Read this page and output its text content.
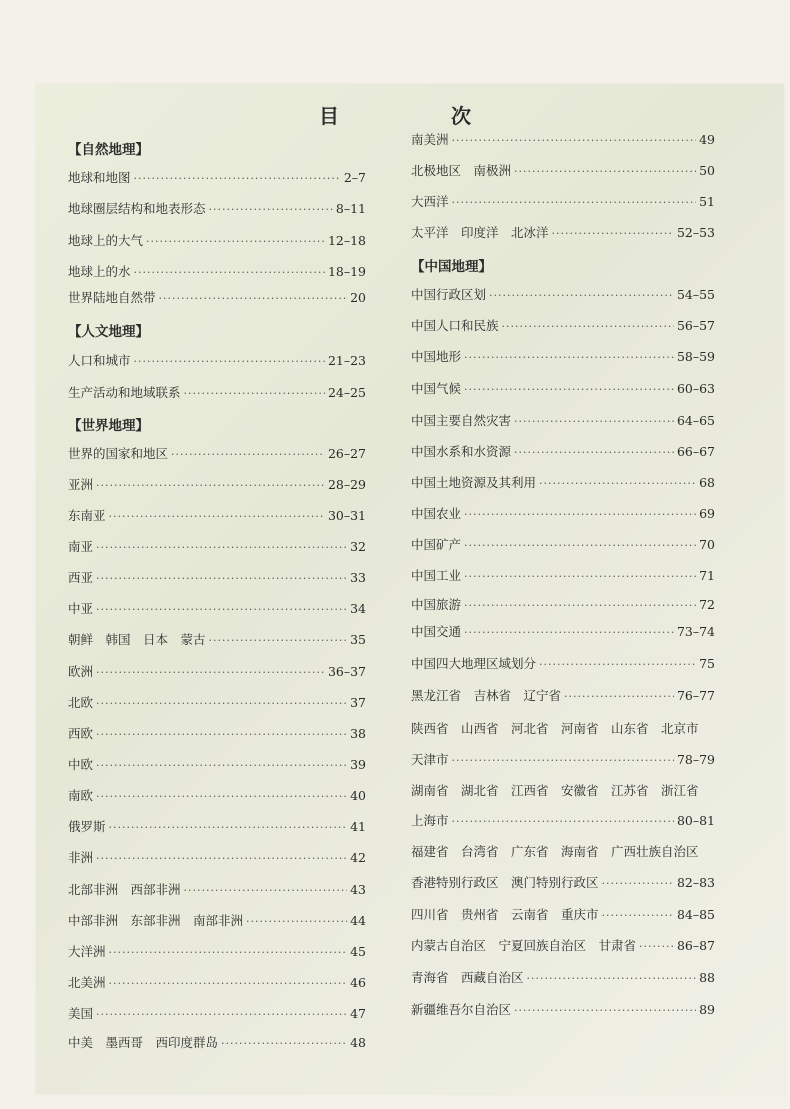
目　次
【自然地理】
地球和地图 ·····	2–7
地球圈层结构和地表形态 ·····	8–11
地球上的大气 ·····	12–18
地球上的水 ·····	18–19
世界陆地自然带 ·····	20
【人文地理】
人口和城市 ·····	21–23
生产活动和地域联系 ·····	24–25
【世界地理】
世界的国家和地区 ·····	26–27
亚洲 ·····	28–29
东南亚 ·····	30–31
南亚 ·····	32
西亚 ·····	33
中亚 ·····	34
朝鲜　韩国　日本　蒙古 ·····	35
欧洲 ·····	36–37
北欧 ·····	37
西欧 ·····	38
中欧 ·····	39
南欧 ·····	40
俄罗斯 ·····	41
非洲 ·····	42
北部非洲　西部非洲 ·····	43
中部非洲　东部非洲　南部非洲 ·····	44
大洋洲 ·····	45
北美洲 ·····	46
美国 ·····	47
中美　墨西哥　西印度群岛 ·····	48
南美洲 ·····	49
北极地区　南极洲 ·····	50
大西洋 ·····	51
太平洋　印度洋　北冰洋 ·····	52–53
【中国地理】
中国行政区划 ·····	54–55
中国人口和民族 ·····	56–57
中国地形 ·····	58–59
中国气候 ·····	60–63
中国主要自然灾害 ·····	64–65
中国水系和水资源 ·····	66–67
中国土地资源及其利用 ·····	68
中国农业 ·····	69
中国矿产 ·····	70
中国工业 ·····	71
中国旅游 ·····	72
中国交通 ·····	73–74
中国四大地理区域划分 ·····	75
黑龙江省　吉林省　辽宁省 ·····	76–77
陕西省　山西省　河北省　河南省　山东省　北京市
天津市 ·····	78–79
湖南省　湖北省　江西省　安徽省　江苏省　浙江省
上海市 ·····	80–81
福建省　台湾省　广东省　海南省　广西壮族自治区
香港特别行政区　澳门特别行政区 ·····	82–83
四川省　贵州省　云南省　重庆市 ·····	84–85
内蒙古自治区　宁夏回族自治区　甘肃省 ·····	86–87
青海省　西藏自治区 ·····	88
新疆维吾尔自治区 ·····	89
